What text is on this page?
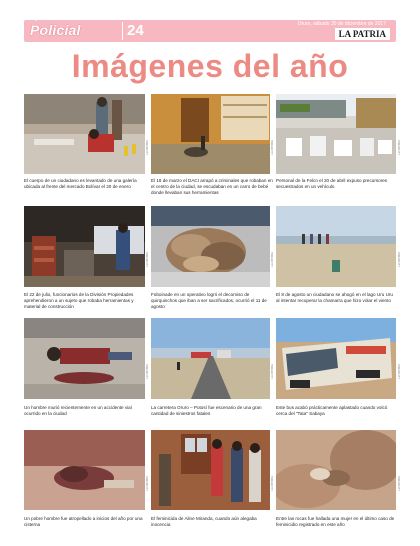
Seguridad
Policial	24	Oruro, sábado 30 de diciembre de 2017
LA PATRIA
Imágenes del año
El cuerpo de un ciudadano es levantado de una galería ubicada al frente del mercado Bolívar el 20 de enero
LA PATRIA
El 18 de marzo el DACI arrapó a criminales que robaban en el centro de la ciudad, se escudaban en un carro de bebé donde llevaban sus herramientas
LA PATRIA
Personal de la Felcn el 20 de abril expuso precursores secuestrados en un vehículo
LA PATRIA
El 22 de julio, funcionarios de la División Propiedades aprehendieron a un sujeto que robaba herramientas y material de construcción
LA PATRIA
Foboinade en un operativo logró el decomiso de quirquinchos que iban a ser sacrificados, ocurrió el 11 de agosto
LA PATRIA
El 8 de agosto un ciudadano se ahogó en el lago Uru Uru al intentar recuperar la chamarra que hizo volar el viento
LA PATRIA
Un hombre murió recientemente en un accidente vial ocurrido en la ciudad
LA PATRIA
La carretera Oruro – Potosí fue escenario de una gran cantidad de siniestros fatales
LA PATRIA
Este bus acabó prácticamente aplastado cuando volcó cerca del "Tata" Sabaya
LA PATRIA
Un pobre hombre fue atropellado a inicios del año por una cisterna
LA PATRIA
El feminicida de Aline Miranda, cuando aún alegaba inocencia
LA PATRIA
Entre las rocas fue hallada una mujer en el último caso de feminicidio registrado en este año
LA PATRIA
